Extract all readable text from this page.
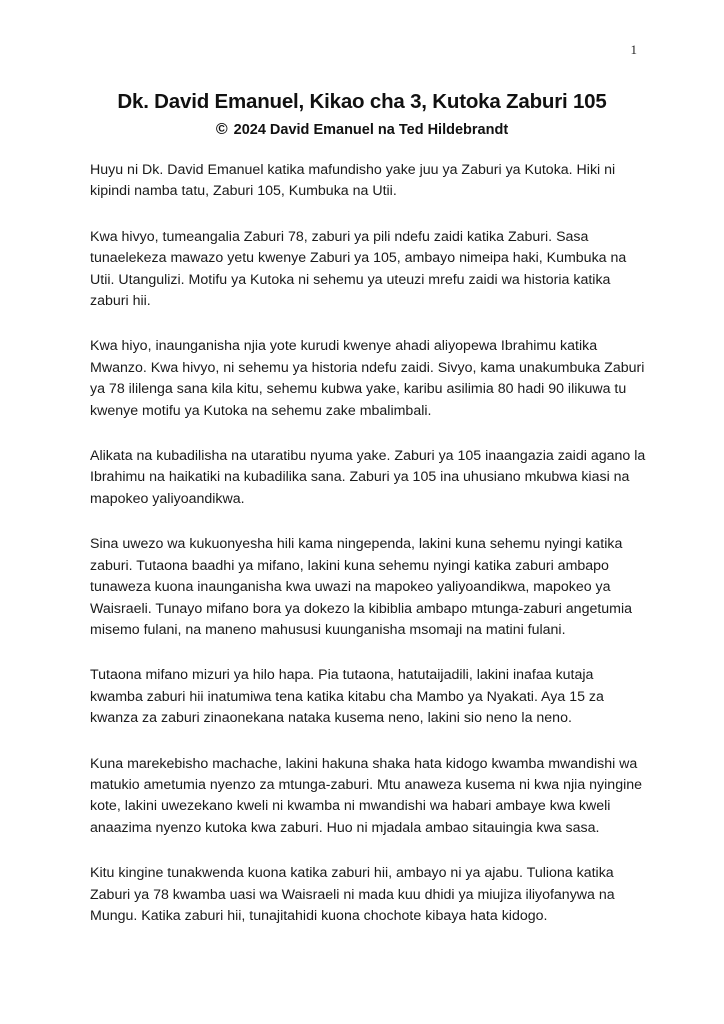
1
Dk. David Emanuel, Kikao cha 3, Kutoka Zaburi 105
© 2024 David Emanuel na Ted Hildebrandt

Huyu ni Dk. David Emanuel katika mafundisho yake juu ya Zaburi ya Kutoka. Hiki ni kipindi namba tatu, Zaburi 105, Kumbuka na Utii.

Kwa hivyo, tumeangalia Zaburi 78, zaburi ya pili ndefu zaidi katika Zaburi. Sasa tunaelekeza mawazo yetu kwenye Zaburi ya 105, ambayo nimeipa haki, Kumbuka na Utii. Utangulizi. Motifu ya Kutoka ni sehemu ya uteuzi mrefu zaidi wa historia katika zaburi hii.

Kwa hiyo, inaunganisha njia yote kurudi kwenye ahadi aliyopewa Ibrahimu katika Mwanzo. Kwa hivyo, ni sehemu ya historia ndefu zaidi. Sivyo, kama unakumbuka Zaburi ya 78 ililenga sana kila kitu, sehemu kubwa yake, karibu asilimia 80 hadi 90 ilikuwa tu kwenye motifu ya Kutoka na sehemu zake mbalimbali.

Alikata na kubadilisha na utaratibu nyuma yake. Zaburi ya 105 inaangazia zaidi agano la Ibrahimu na haikatiki na kubadilika sana. Zaburi ya 105 ina uhusiano mkubwa kiasi na mapokeo yaliyoandikwa.

Sina uwezo wa kukuonyesha hili kama ningependa, lakini kuna sehemu nyingi katika zaburi. Tutaona baadhi ya mifano, lakini kuna sehemu nyingi katika zaburi ambapo tunaweza kuona inaunganisha kwa uwazi na mapokeo yaliyoandikwa, mapokeo ya Waisraeli. Tunayo mifano bora ya dokezo la kibiblia ambapo mtunga-zaburi angetumia misemo fulani, na maneno mahususi kuunganisha msomaji na matini fulani.

Tutaona mifano mizuri ya hilo hapa. Pia tutaona, hatutaijadili, lakini inafaa kutaja kwamba zaburi hii inatumiwa tena katika kitabu cha Mambo ya Nyakati. Aya 15 za kwanza za zaburi zinaonekana nataka kusema neno, lakini sio neno la neno.

Kuna marekebisho machache, lakini hakuna shaka hata kidogo kwamba mwandishi wa matukio ametumia nyenzo za mtunga-zaburi. Mtu anaweza kusema ni kwa njia nyingine kote, lakini uwezekano kweli ni kwamba ni mwandishi wa habari ambaye kwa kweli anaazima nyenzo kutoka kwa zaburi. Huo ni mjadala ambao sitauingia kwa sasa.

Kitu kingine tunakwenda kuona katika zaburi hii, ambayo ni ya ajabu. Tuliona katika Zaburi ya 78 kwamba uasi wa Waisraeli ni mada kuu dhidi ya miujiza iliyofanywa na Mungu. Katika zaburi hii, tunajitahidi kuona chochote kibaya hata kidogo.
